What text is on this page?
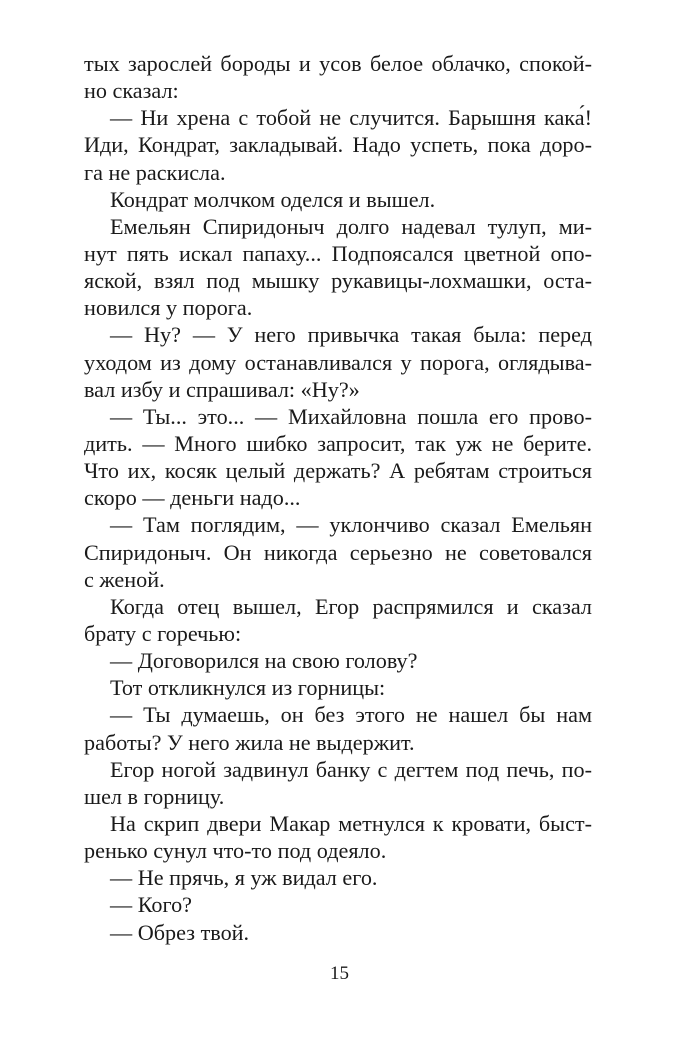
тых зарослей бороды и усов белое облачко, спокой-
но сказал:
— Ни хрена с тобой не случится. Барышня кака́!
Иди, Кондрат, закладывай. Надо успеть, пока доро-
га не раскисла.
Кондрат молчком оделся и вышел.
Емельян Спиридоныч долго надевал тулуп, ми-
нут пять искал папаху... Подпоясался цветной опо-
яской, взял под мышку рукавицы-лохмашки, оста-
новился у порога.
— Ну? — У него привычка такая была: перед
уходом из дому останавливался у порога, оглядыва-
вал избу и спрашивал: «Ну?»
— Ты... это... — Михайловна пошла его прово-
дить. — Много шибко запросит, так уж не берите.
Что их, косяк целый держать? А ребятам строиться
скоро — деньги надо...
— Там поглядим, — уклончиво сказал Емельян
Спиридоныч. Он никогда серьезно не советовался
с женой.
Когда отец вышел, Егор распрямился и сказал
брату с горечью:
— Договорился на свою голову?
Тот откликнулся из горницы:
— Ты думаешь, он без этого не нашел бы нам
работы? У него жила не выдержит.
Егор ногой задвинул банку с дегтем под печь, по-
шел в горницу.
На скрип двери Макар метнулся к кровати, быст-
ренько сунул что-то под одеяло.
— Не прячь, я уж видал его.
— Кого?
— Обрез твой.
15
